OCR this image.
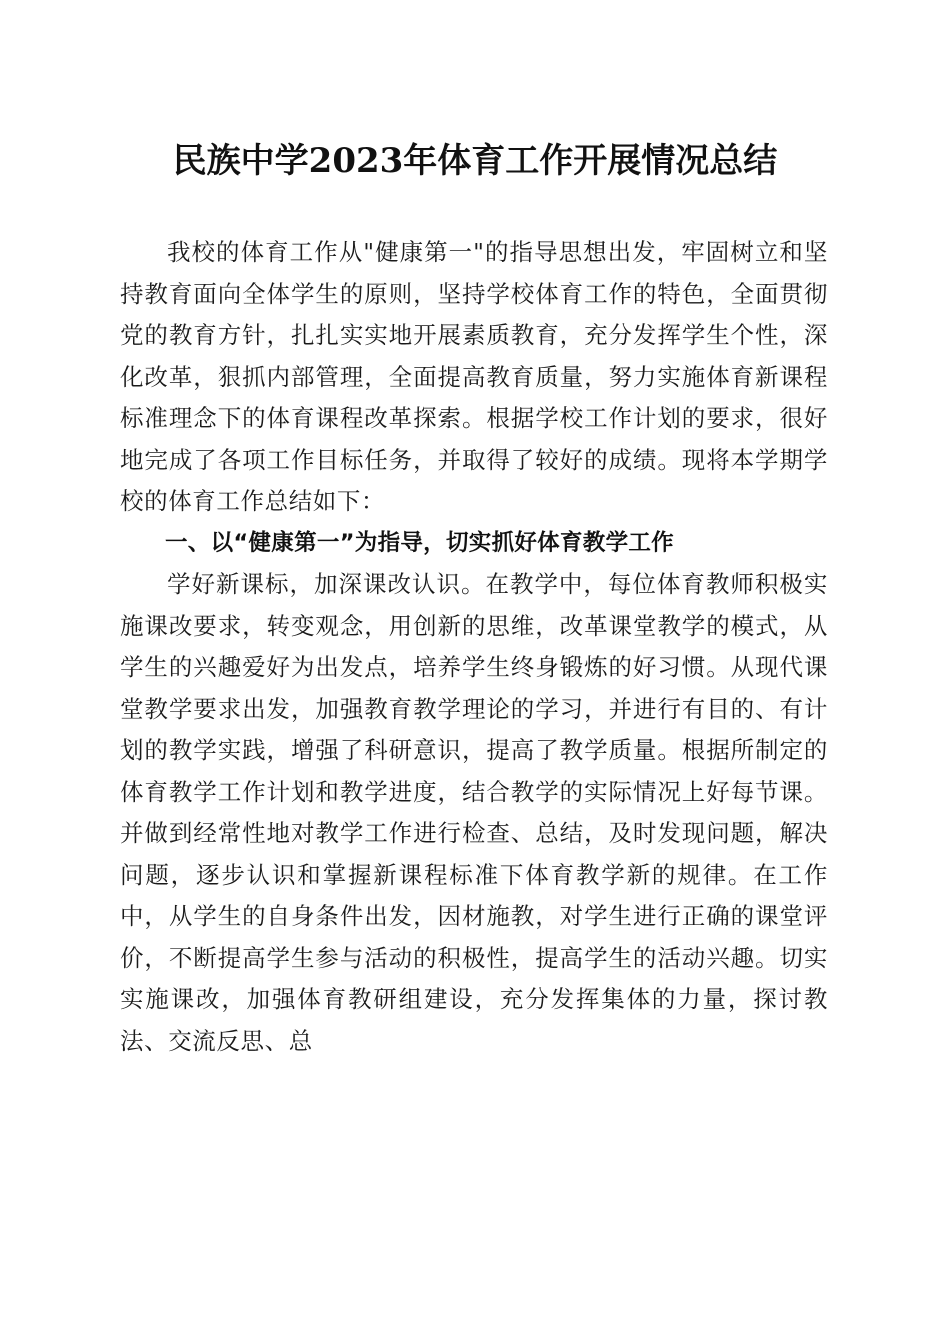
民族中学2023年体育工作开展情况总结

我校的体育工作从"健康第一"的指导思想出发，牢固树立和坚持教育面向全体学生的原则，坚持学校体育工作的特色，全面贯彻党的教育方针，扎扎实实地开展素质教育，充分发挥学生个性，深化改革，狠抓内部管理，全面提高教育质量，努力实施体育新课程标准理念下的体育课程改革探索。根据学校工作计划的要求，很好地完成了各项工作目标任务，并取得了较好的成绩。现将本学期学校的体育工作总结如下：

一、以“健康第一”为指导，切实抓好体育教学工作

学好新课标，加深课改认识。在教学中，每位体育教师积极实施课改要求，转变观念，用创新的思维，改革课堂教学的模式，从学生的兴趣爱好为出发点，培养学生终身锻炼的好习惯。从现代课堂教学要求出发，加强教育教学理论的学习，并进行有目的、有计划的教学实践，增强了科研意识，提高了教学质量。根据所制定的体育教学工作计划和教学进度，结合教学的实际情况上好每节课。并做到经常性地对教学工作进行检查、总结，及时发现问题，解决问题，逐步认识和掌握新课程标准下体育教学新的规律。在工作中，从学生的自身条件出发，因材施教，对学生进行正确的课堂评价，不断提高学生参与活动的积极性，提高学生的活动兴趣。切实实施课改，加强体育教研组建设，充分发挥集体的力量，探讨教法、交流反思、总
